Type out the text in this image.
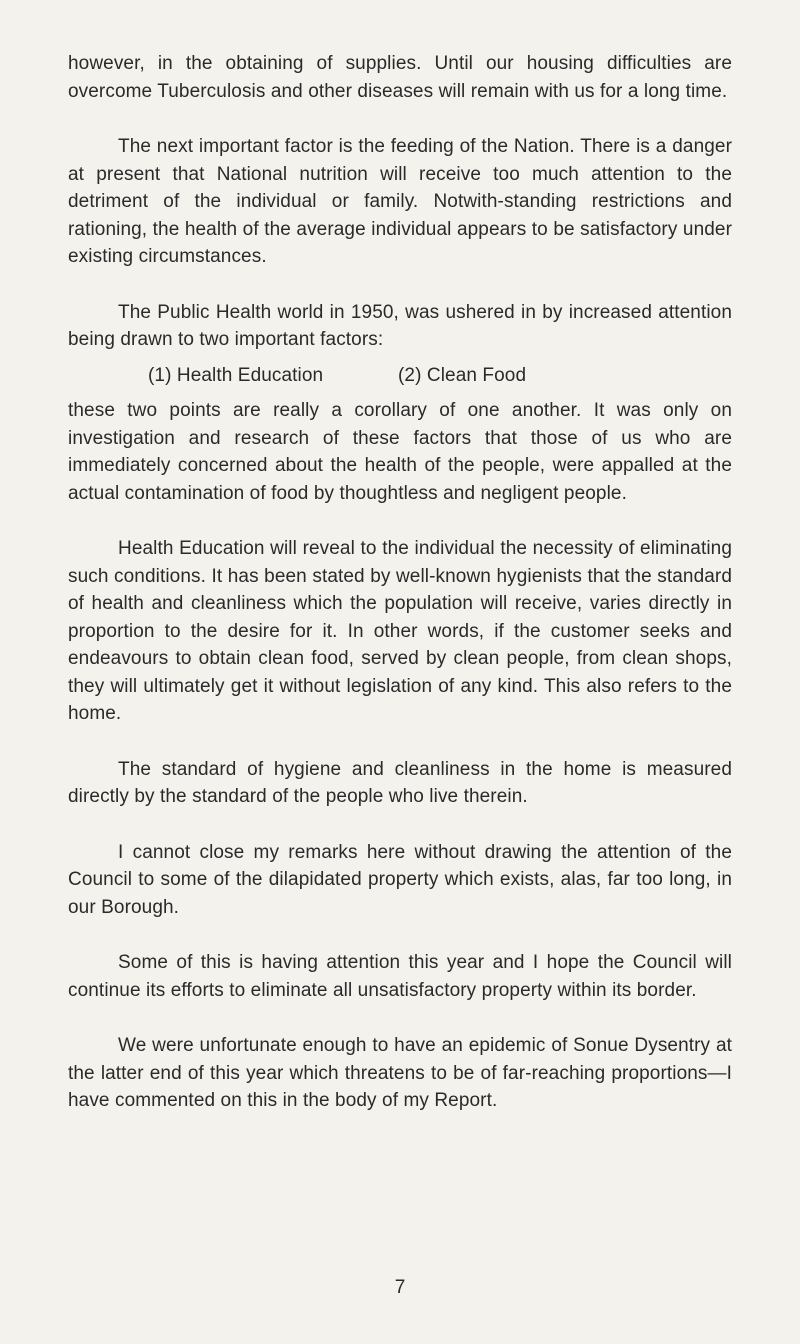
however, in the obtaining of supplies. Until our housing difficulties are overcome Tuberculosis and other diseases will remain with us for a long time.

The next important factor is the feeding of the Nation. There is a danger at present that National nutrition will receive too much attention to the detriment of the individual or family. Notwith-standing restrictions and rationing, the health of the average individual appears to be satisfactory under existing circumstances.

The Public Health world in 1950, was ushered in by increased attention being drawn to two important factors:

(1) Health Education	(2) Clean Food

these two points are really a corollary of one another. It was only on investigation and research of these factors that those of us who are immediately concerned about the health of the people, were appalled at the actual contamination of food by thoughtless and negligent people.

Health Education will reveal to the individual the necessity of eliminating such conditions. It has been stated by well-known hygienists that the standard of health and cleanliness which the population will receive, varies directly in proportion to the desire for it. In other words, if the customer seeks and endeavours to obtain clean food, served by clean people, from clean shops, they will ultimately get it without legislation of any kind. This also refers to the home.

The standard of hygiene and cleanliness in the home is measured directly by the standard of the people who live therein.

I cannot close my remarks here without drawing the attention of the Council to some of the dilapidated property which exists, alas, far too long, in our Borough.

Some of this is having attention this year and I hope the Council will continue its efforts to eliminate all unsatisfactory property within its border.

We were unfortunate enough to have an epidemic of Sonue Dysentry at the latter end of this year which threatens to be of far-reaching proportions—I have commented on this in the body of my Report.

7
